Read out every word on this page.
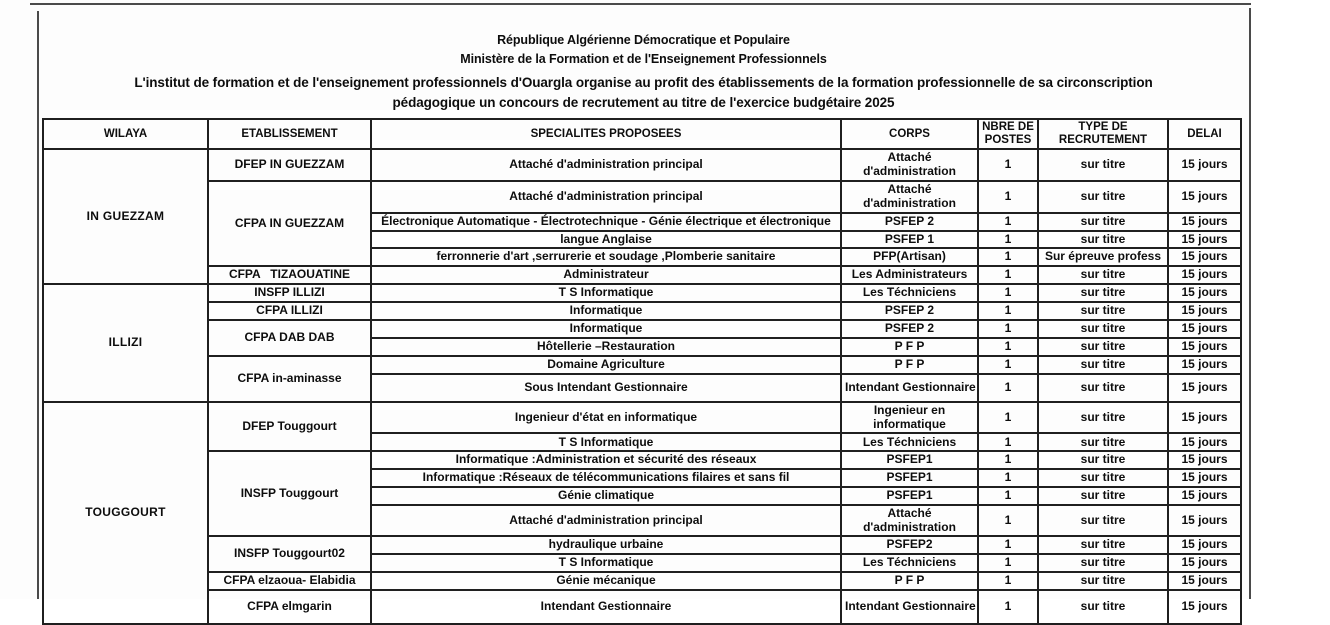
République Algérienne Démocratique et Populaire
Ministère de la Formation et de l'Enseignement Professionnels
L'institut de formation et de l'enseignement professionnels d'Ouargla organise au profit des établissements de la formation professionnelle de sa circonscription
pédagogique un concours de recrutement au titre de l'exercice budgétaire 2025
WILAYA	ETABLISSEMENT	SPECIALITES PROPOSEES	CORPS	NBRE DE POSTES	TYPE DE RECRUTEMENT	DELAI
IN GUEZZAM	DFEP IN GUEZZAM	Attaché d'administration principal	Attaché d'administration	1	sur titre	15 jours
	CFPA IN GUEZZAM	Attaché d'administration principal	Attaché d'administration	1	sur titre	15 jours
		Électronique Automatique - Électrotechnique - Génie électrique et électronique	PSFEP 2	1	sur titre	15 jours
		langue Anglaise	PSFEP 1	1	sur titre	15 jours
		ferronnerie d'art ,serrurerie et soudage ,Plomberie sanitaire	PFP(Artisan)	1	Sur épreuve profess	15 jours
	CFPA   TIZAOUATINE	Administrateur	Les Administrateurs	1	sur titre	15 jours
ILLIZI	INSFP ILLIZI	T S Informatique	Les Téchniciens	1	sur titre	15 jours
	CFPA ILLIZI	Informatique	PSFEP 2	1	sur titre	15 jours
	CFPA DAB DAB	Informatique	PSFEP 2	1	sur titre	15 jours
		Hôtellerie –Restauration	P F P	1	sur titre	15 jours
	CFPA in-aminasse	Domaine Agriculture	P F P	1	sur titre	15 jours
		Sous Intendant Gestionnaire	Intendant Gestionnaire	1	sur titre	15 jours
TOUGGOURT	DFEP Touggourt	Ingenieur d'état en informatique	Ingenieur en informatique	1	sur titre	15 jours
		T S Informatique	Les Téchniciens	1	sur titre	15 jours
	INSFP Touggourt	Informatique :Administration et sécurité des réseaux	PSFEP1	1	sur titre	15 jours
		Informatique :Réseaux de télécommunications filaires et sans fil	PSFEP1	1	sur titre	15 jours
		Génie climatique	PSFEP1	1	sur titre	15 jours
		Attaché d'administration principal	Attaché d'administration	1	sur titre	15 jours
	INSFP Touggourt02	hydraulique urbaine	PSFEP2	1	sur titre	15 jours
		T S Informatique	Les Téchniciens	1	sur titre	15 jours
	CFPA elzaoua- Elabidia	Génie mécanique	P F P	1	sur titre	15 jours
	CFPA elmgarin	Intendant Gestionnaire	Intendant Gestionnaire	1	sur titre	15 jours
